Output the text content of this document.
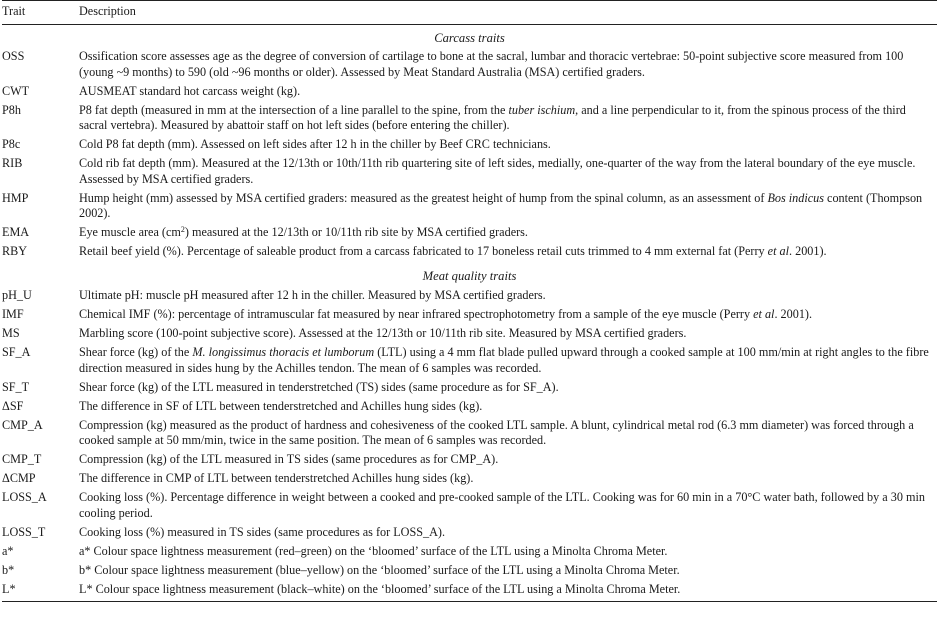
Trait	Description
Carcass traits	
OSS	Ossification score assesses age as the degree of conversion of cartilage to bone at the sacral, lumbar and thoracic vertebrae: 50-point subjective score measured from 100 (young ~9 months) to 590 (old ~96 months or older). Assessed by Meat Standard Australia (MSA) certified graders.
CWT	AUSMEAT standard hot carcass weight (kg).
P8h	P8 fat depth (measured in mm at the intersection of a line parallel to the spine, from the tuber ischium, and a line perpendicular to it, from the spinous process of the third sacral vertebra). Measured by abattoir staff on hot left sides (before entering the chiller).
P8c	Cold P8 fat depth (mm). Assessed on left sides after 12 h in the chiller by Beef CRC technicians.
RIB	Cold rib fat depth (mm). Measured at the 12/13th or 10th/11th rib quartering site of left sides, medially, one-quarter of the way from the lateral boundary of the eye muscle. Assessed by MSA certified graders.
HMP	Hump height (mm) assessed by MSA certified graders: measured as the greatest height of hump from the spinal column, as an assessment of Bos indicus content (Thompson 2002).
EMA	Eye muscle area $(cm^2)$ measured at the 12/13th or 10/11th rib site by MSA certified graders.
RBY	Retail beef yield (%). Percentage of saleable product from a carcass fabricated to 17 boneless retail cuts trimmed to 4 mm external fat (Perry et al. 2001).
Meat quality traits	
pH_U	Ultimate pH: muscle pH measured after 12 h in the chiller. Measured by MSA certified graders.
IMF	Chemical IMF (%): percentage of intramuscular fat measured by near infrared spectrophotometry from a sample of the eye muscle (Perry et al. 2001).
MS	Marbling score (100-point subjective score). Assessed at the 12/13th or 10/11th rib site. Measured by MSA certified graders.
SF_A	Shear force (kg) of the M. longissimus thoracis et lumborum (LTL) using a 4 mm flat blade pulled upward through a cooked sample at 100 mm/min at right angles to the fibre direction measured in sides hung by the Achilles tendon. The mean of 6 samples was recorded.
SF_T	Shear force (kg) of the LTL measured in tenderstretched (TS) sides (same procedure as for SF_A).
ΔSF	The difference in SF of LTL between tenderstretched and Achilles hung sides (kg).
CMP_A	Compression (kg) measured as the product of hardness and cohesiveness of the cooked LTL sample. A blunt, cylindrical metal rod (6.3 mm diameter) was forced through a cooked sample at 50 mm/min, twice in the same position. The mean of 6 samples was recorded.
CMP_T	Compression (kg) of the LTL measured in TS sides (same procedures as for CMP_A).
ΔCMP	The difference in CMP of LTL between tenderstretched Achilles hung sides (kg).
LOSS_A	Cooking loss (%). Percentage difference in weight between a cooked and pre-cooked sample of the LTL. Cooking was for 60 min in a 70°C water bath, followed by a 30 min cooling period.
LOSS_T	Cooking loss (%) measured in TS sides (same procedures as for LOSS_A).
a*	a* Colour space lightness measurement (red–green) on the ‘bloomed’ surface of the LTL using a Minolta Chroma Meter.
b*	b* Colour space lightness measurement (blue–yellow) on the ‘bloomed’ surface of the LTL using a Minolta Chroma Meter.
L*	L* Colour space lightness measurement (black–white) on the ‘bloomed’ surface of the LTL using a Minolta Chroma Meter.
